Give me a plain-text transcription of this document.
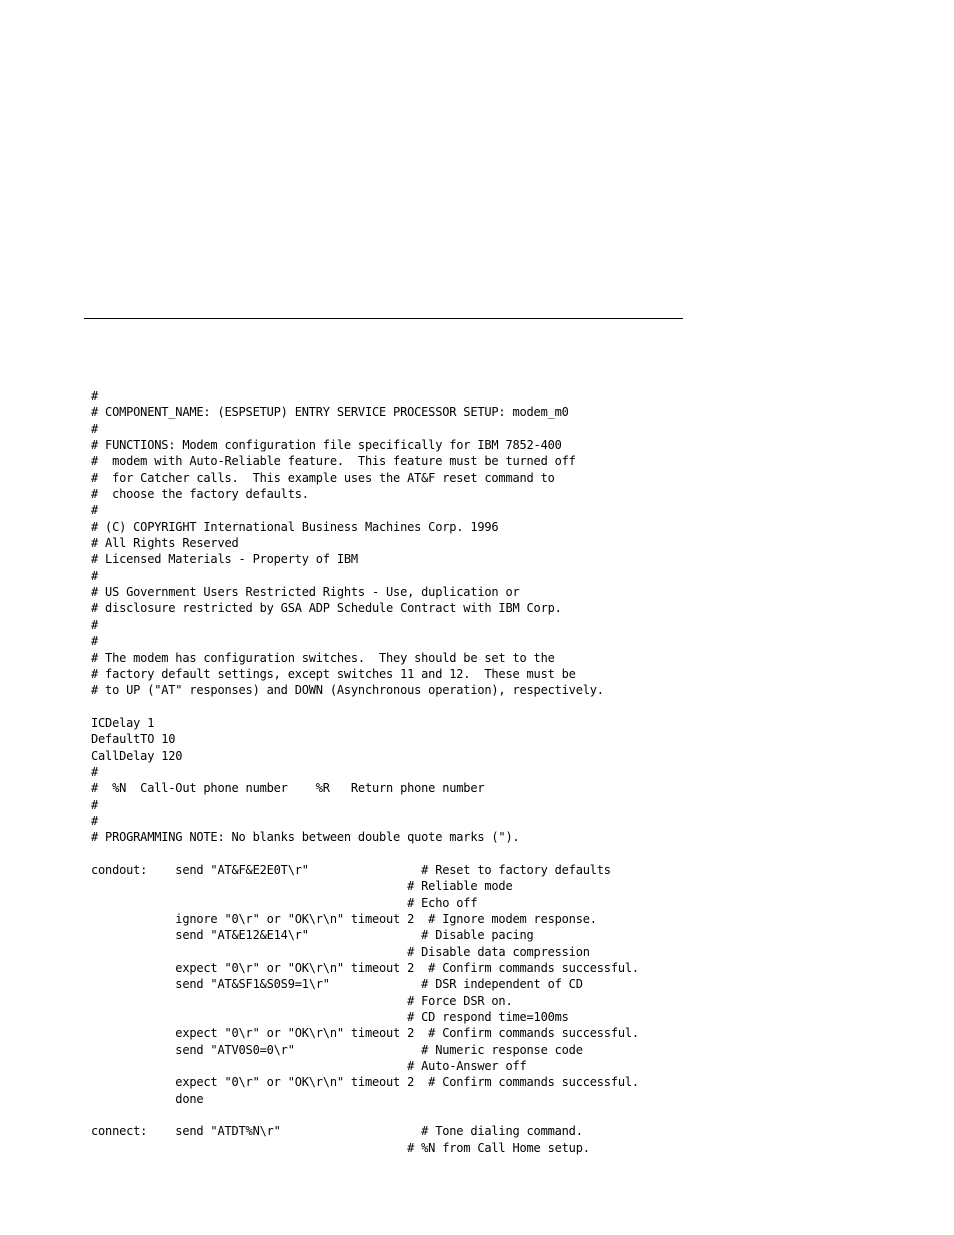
#
# COMPONENT_NAME: (ESPSETUP) ENTRY SERVICE PROCESSOR SETUP: modem_m0
#
# FUNCTIONS: Modem configuration file specifically for IBM 7852-400
#  modem with Auto-Reliable feature.  This feature must be turned off
#  for Catcher calls.  This example uses the AT&F reset command to
#  choose the factory defaults.
#
# (C) COPYRIGHT International Business Machines Corp. 1996
# All Rights Reserved
# Licensed Materials - Property of IBM
#
# US Government Users Restricted Rights - Use, duplication or
# disclosure restricted by GSA ADP Schedule Contract with IBM Corp.
#
#
# The modem has configuration switches.  They should be set to the
# factory default settings, except switches 11 and 12.  These must be
# to UP ("AT" responses) and DOWN (Asynchronous operation), respectively.
ICDelay 1
DefaultTO 10
CallDelay 120
#
#  %N  Call-Out phone number    %R   Return phone number
#
#
# PROGRAMMING NOTE: No blanks between double quote marks (").
condout:    send "AT&F&E2E0T\r"                # Reset to factory defaults
# Reliable mode
# Echo off
ignore "0\r" or "OK\r\n" timeout 2  # Ignore modem response.
send "AT&E12&E14\r"                # Disable pacing
# Disable data compression
expect "0\r" or "OK\r\n" timeout 2  # Confirm commands successful.
send "AT&SF1&S0S9=1\r"             # DSR independent of CD
# Force DSR on.
# CD respond time=100ms
expect "0\r" or "OK\r\n" timeout 2  # Confirm commands successful.
send "ATV0S0=0\r"                  # Numeric response code
# Auto-Answer off
expect "0\r" or "OK\r\n" timeout 2  # Confirm commands successful.
done
connect:    send "ATDT%N\r"                    # Tone dialing command.
# %N from Call Home setup.
